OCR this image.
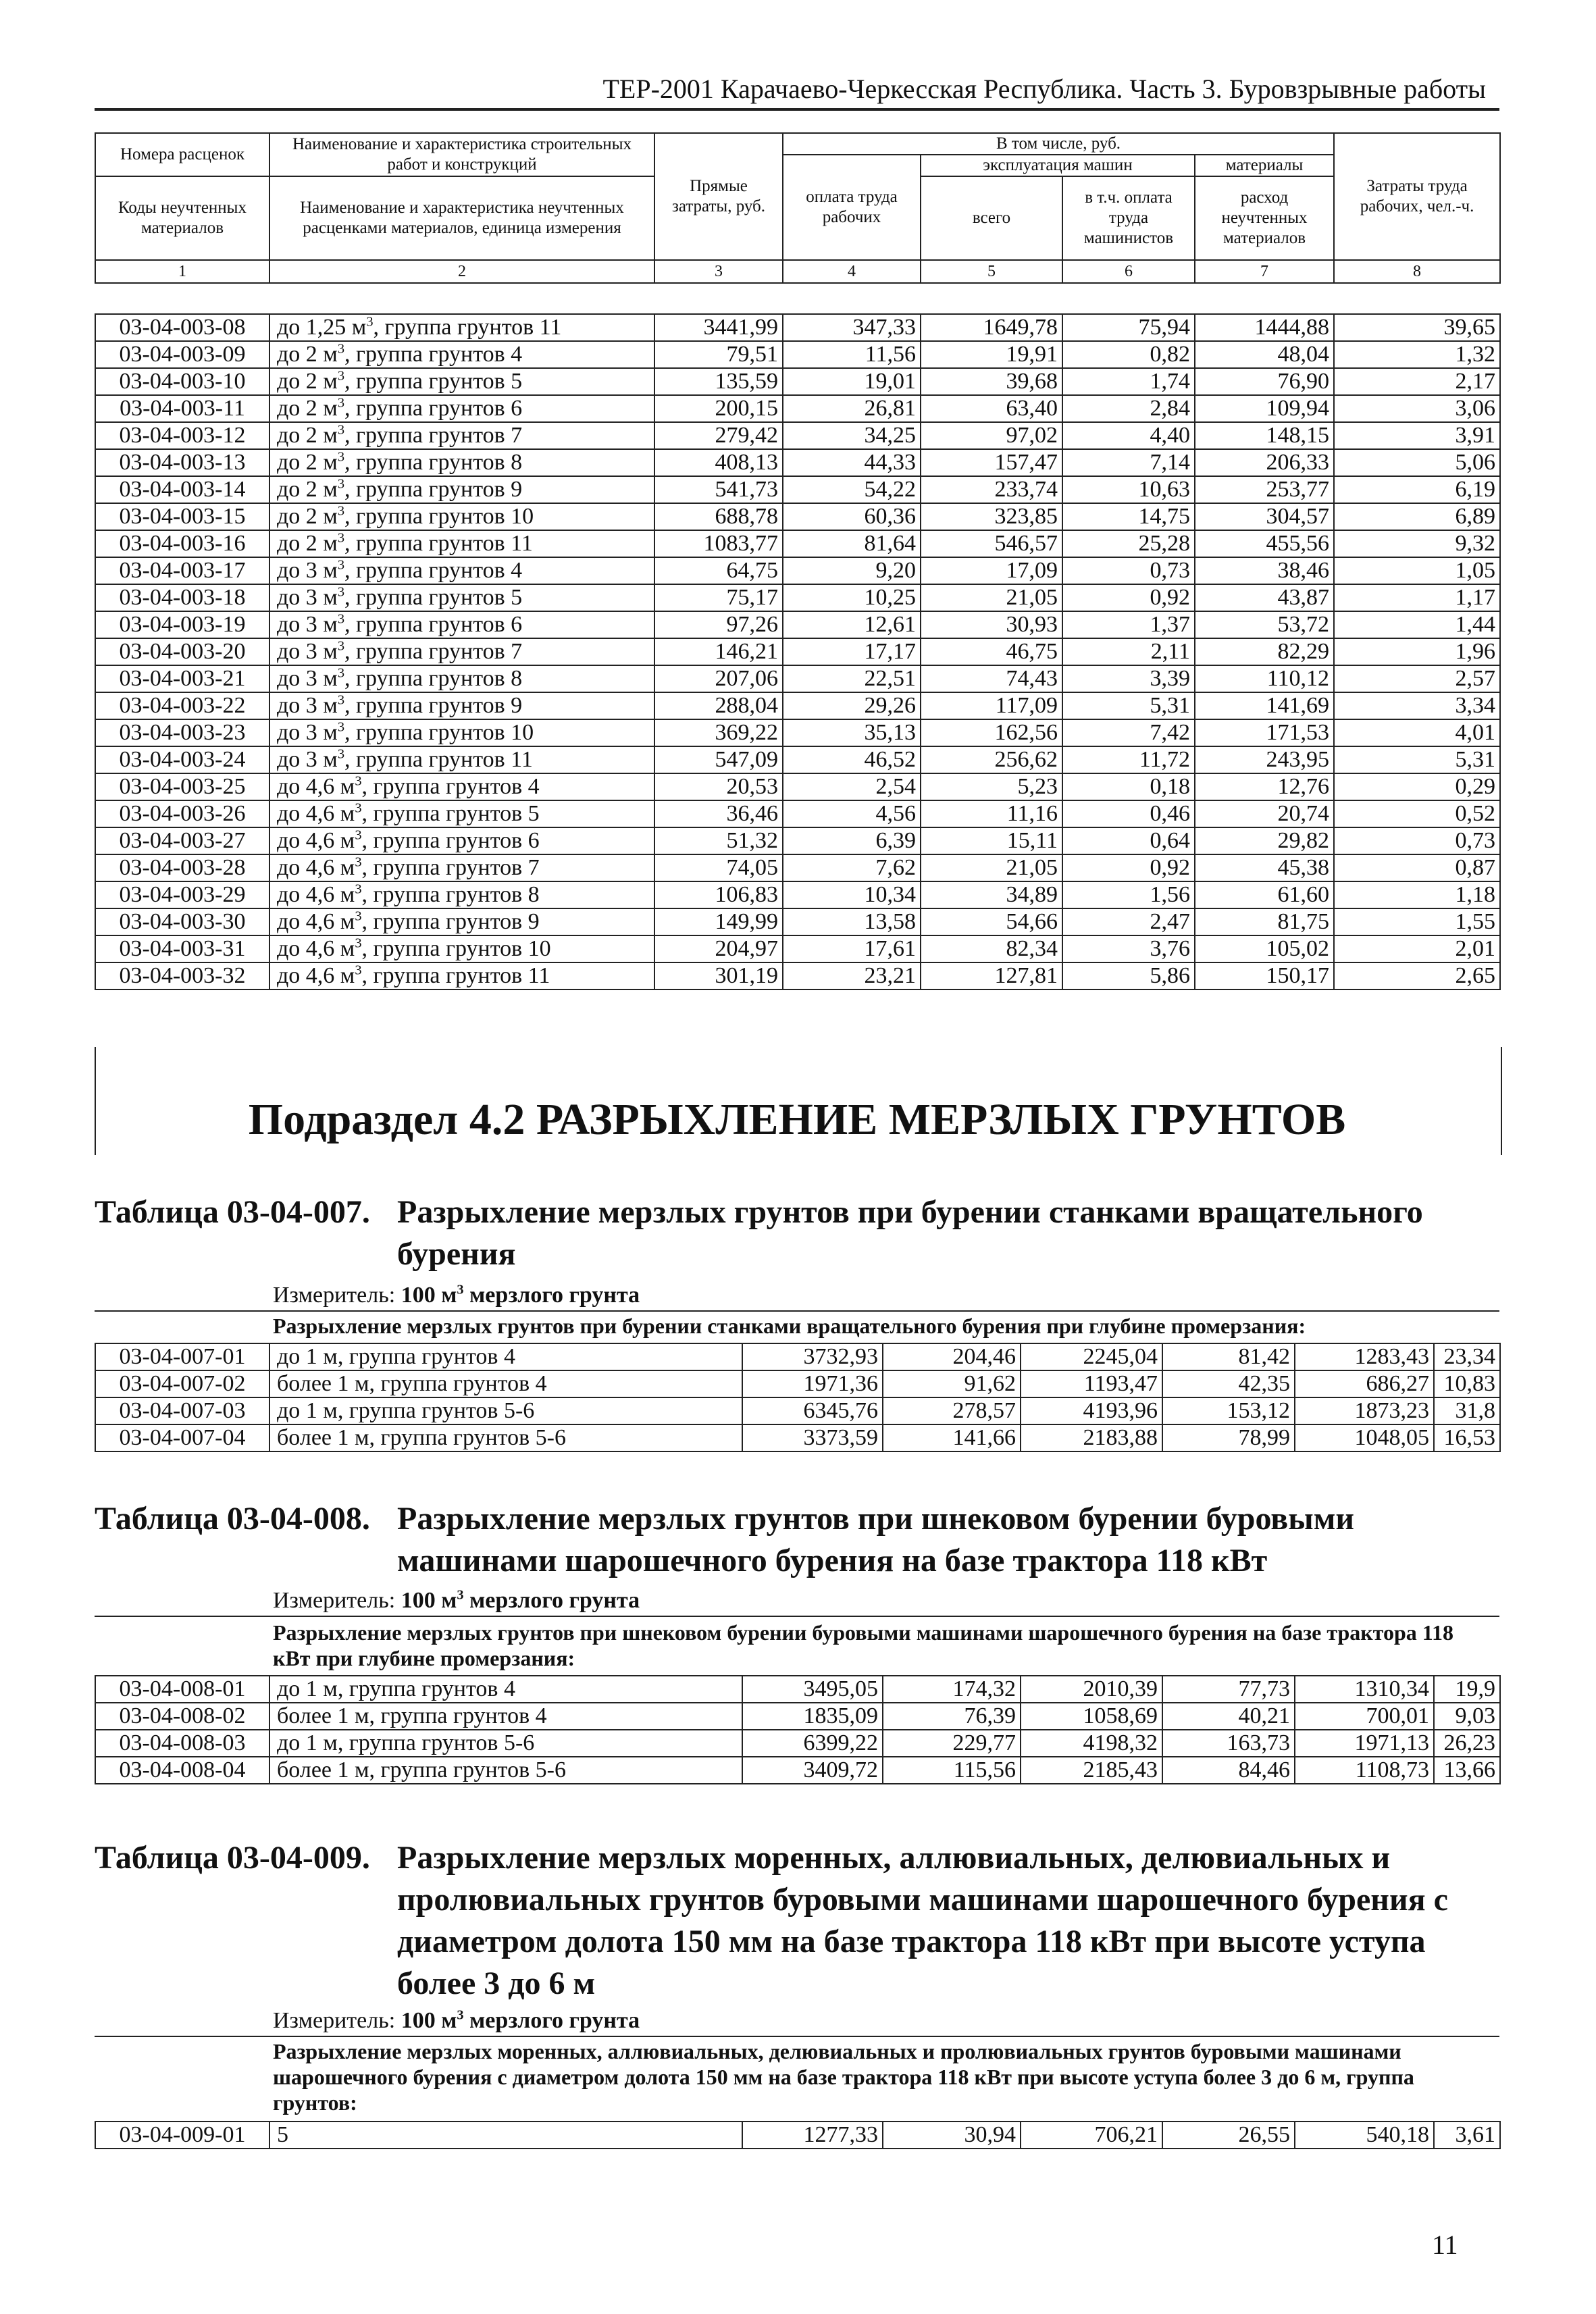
ТЕР-2001 Карачаево-Черкесская Республика. Часть 3. Буровзрывные работы
Номера расценок	Наименование и характеристика строительных работ и конструкций	Прямые затраты, руб.	В том числе, руб.				Затраты труда рабочих, чел.-ч.
			оплата труда рабочих	эксплуатация машин		материалы	
Коды неучтенных материалов	Наименование и характеристика неучтенных расценками материалов, единица измерения			всего	в т.ч. оплата труда машинистов	расход неучтенных материалов	
1	2	3	4	5	6	7	8
03-04-003-08	до 1,25 $м^3$, группа грунтов 11	3441,99	347,33	1649,78	75,94	1444,88	39,65
03-04-003-09	до 2 $м^3$, группа грунтов 4	79,51	11,56	19,91	0,82	48,04	1,32
03-04-003-10	до 2 $м^3$, группа грунтов 5	135,59	19,01	39,68	1,74	76,90	2,17
03-04-003-11	до 2 $м^3$, группа грунтов 6	200,15	26,81	63,40	2,84	109,94	3,06
03-04-003-12	до 2 $м^3$, группа грунтов 7	279,42	34,25	97,02	4,40	148,15	3,91
03-04-003-13	до 2 $м^3$, группа грунтов 8	408,13	44,33	157,47	7,14	206,33	5,06
03-04-003-14	до 2 $м^3$, группа грунтов 9	541,73	54,22	233,74	10,63	253,77	6,19
03-04-003-15	до 2 $м^3$, группа грунтов 10	688,78	60,36	323,85	14,75	304,57	6,89
03-04-003-16	до 2 $м^3$, группа грунтов 11	1083,77	81,64	546,57	25,28	455,56	9,32
03-04-003-17	до 3 $м^3$, группа грунтов 4	64,75	9,20	17,09	0,73	38,46	1,05
03-04-003-18	до 3 $м^3$, группа грунтов 5	75,17	10,25	21,05	0,92	43,87	1,17
03-04-003-19	до 3 $м^3$, группа грунтов 6	97,26	12,61	30,93	1,37	53,72	1,44
03-04-003-20	до 3 $м^3$, группа грунтов 7	146,21	17,17	46,75	2,11	82,29	1,96
03-04-003-21	до 3 $м^3$, группа грунтов 8	207,06	22,51	74,43	3,39	110,12	2,57
03-04-003-22	до 3 $м^3$, группа грунтов 9	288,04	29,26	117,09	5,31	141,69	3,34
03-04-003-23	до 3 $м^3$, группа грунтов 10	369,22	35,13	162,56	7,42	171,53	4,01
03-04-003-24	до 3 $м^3$, группа грунтов 11	547,09	46,52	256,62	11,72	243,95	5,31
03-04-003-25	до 4,6 $м^3$, группа грунтов 4	20,53	2,54	5,23	0,18	12,76	0,29
03-04-003-26	до 4,6 $м^3$, группа грунтов 5	36,46	4,56	11,16	0,46	20,74	0,52
03-04-003-27	до 4,6 $м^3$, группа грунтов 6	51,32	6,39	15,11	0,64	29,82	0,73
03-04-003-28	до 4,6 $м^3$, группа грунтов 7	74,05	7,62	21,05	0,92	45,38	0,87
03-04-003-29	до 4,6 $м^3$, группа грунтов 8	106,83	10,34	34,89	1,56	61,60	1,18
03-04-003-30	до 4,6 $м^3$, группа грунтов 9	149,99	13,58	54,66	2,47	81,75	1,55
03-04-003-31	до 4,6 $м^3$, группа грунтов 10	204,97	17,61	82,34	3,76	105,02	2,01
03-04-003-32	до 4,6 $м^3$, группа грунтов 11	301,19	23,21	127,81	5,86	150,17	2,65
Подраздел 4.2 РАЗРЫХЛЕНИЕ МЕРЗЛЫХ ГРУНТОВ
Таблица 03-04-007. Разрыхление мерзлых грунтов при бурении станками вращательного бурения
Измеритель: 100 $м^3$ мерзлого грунта
Разрыхление мерзлых грунтов при бурении станками вращательного бурения при глубине промерзания:
03-04-007-01	до 1 м, группа грунтов 4	3732,93	204,46	2245,04	81,42	1283,43	23,34
03-04-007-02	более 1 м, группа грунтов 4	1971,36	91,62	1193,47	42,35	686,27	10,83
03-04-007-03	до 1 м, группа грунтов 5-6	6345,76	278,57	4193,96	153,12	1873,23	31,8
03-04-007-04	более 1 м, группа грунтов 5-6	3373,59	141,66	2183,88	78,99	1048,05	16,53
Таблица 03-04-008. Разрыхление мерзлых грунтов при шнековом бурении буровыми машинами шарошечного бурения на базе трактора 118 кВт
Измеритель: 100 $м^3$ мерзлого грунта
Разрыхление мерзлых грунтов при шнековом бурении буровыми машинами шарошечного бурения на базе трактора 118 кВт при глубине промерзания:
03-04-008-01	до 1 м, группа грунтов 4	3495,05	174,32	2010,39	77,73	1310,34	19,9
03-04-008-02	более 1 м, группа грунтов 4	1835,09	76,39	1058,69	40,21	700,01	9,03
03-04-008-03	до 1 м, группа грунтов 5-6	6399,22	229,77	4198,32	163,73	1971,13	26,23
03-04-008-04	более 1 м, группа грунтов 5-6	3409,72	115,56	2185,43	84,46	1108,73	13,66
Таблица 03-04-009. Разрыхление мерзлых моренных, аллювиальных, делювиальных и пролювиальных грунтов буровыми машинами шарошечного бурения с диаметром долота 150 мм на базе трактора 118 кВт при высоте уступа более 3 до 6 м
Измеритель: 100 $м^3$ мерзлого грунта
Разрыхление мерзлых моренных, аллювиальных, делювиальных и пролювиальных грунтов буровыми машинами шарошечного бурения с диаметром долота 150 мм на базе трактора 118 кВт при высоте уступа более 3 до 6 м, группа грунтов:
03-04-009-01	5	1277,33	30,94	706,21	26,55	540,18	3,61
11
